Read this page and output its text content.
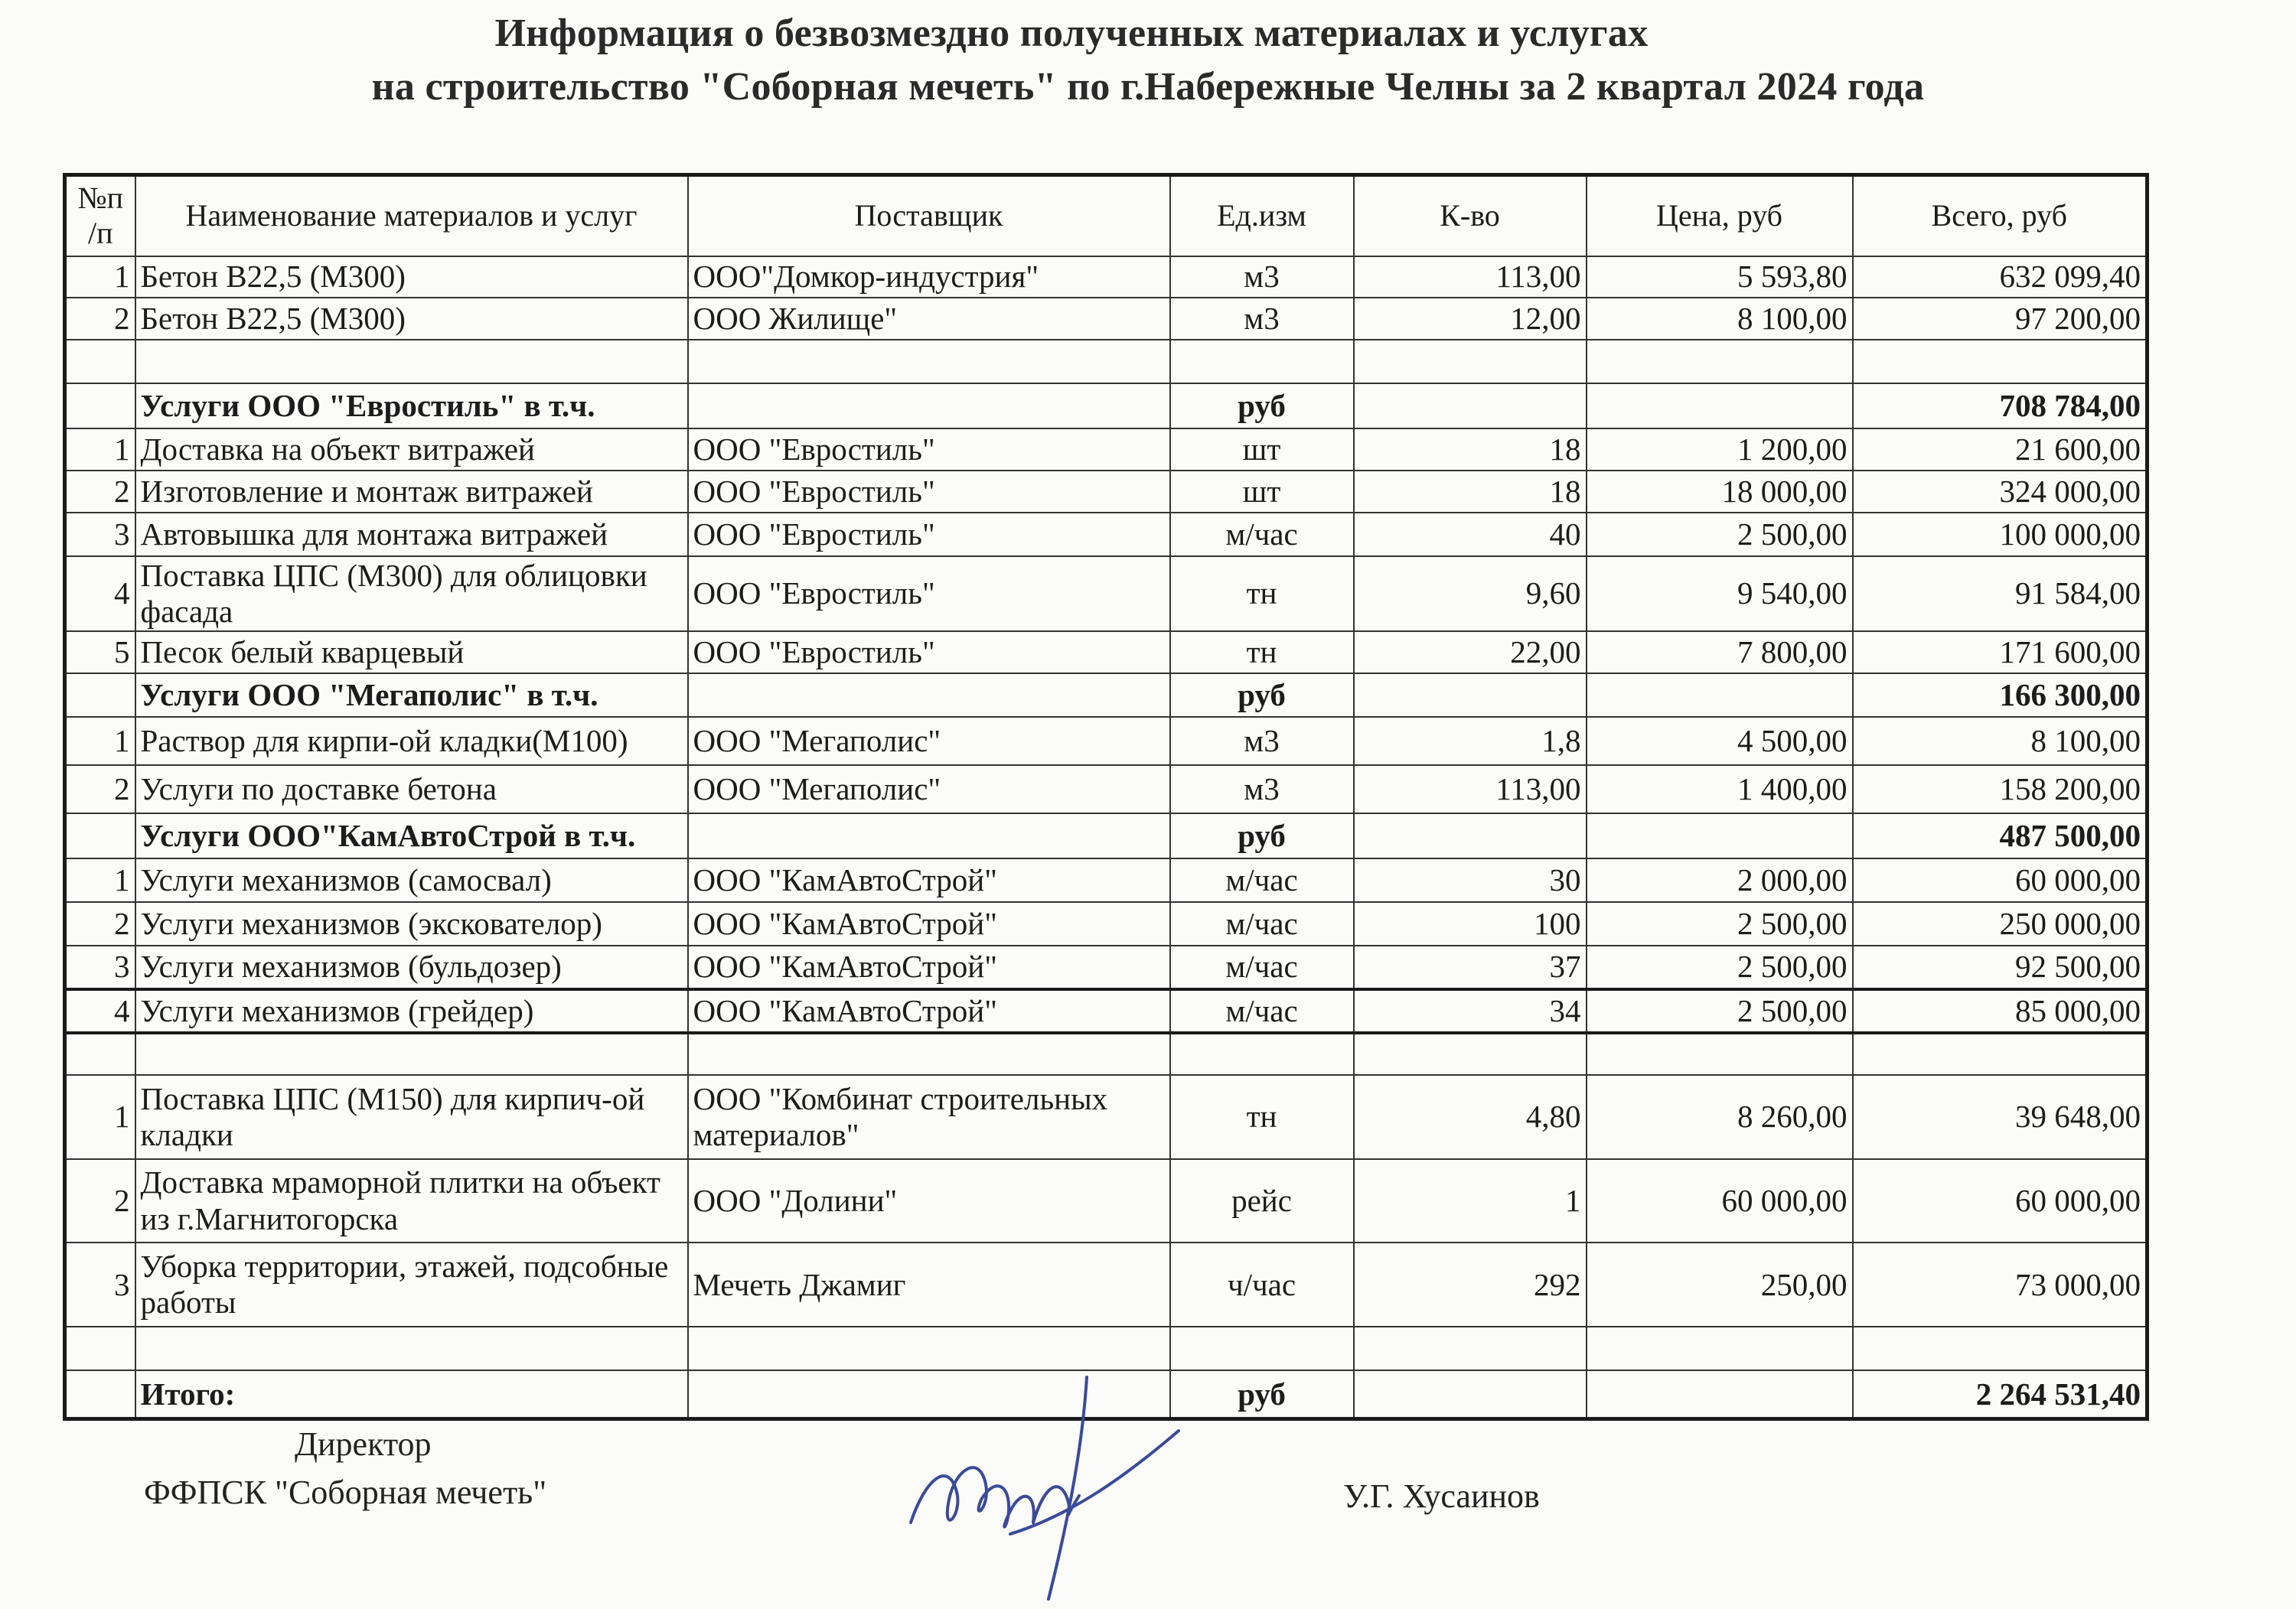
Информация о безвозмездно полученных материалах и услугах
на строительство "Соборная мечеть" по г.Набережные Челны за 2 квартал 2024 года
№п /п	Наименование материалов и услуг	Поставщик	Ед.изм	К-во	Цена, руб	Всего, руб
1	Бетон В22,5 (М300)	ООО"Домкор-индустрия"	м3	113,00	5 593,80	632 099,40
2	Бетон В22,5 (М300)	ООО Жилище"	м3	12,00	8 100,00	97 200,00

	Услуги ООО "Евростиль" в т.ч.		руб			708 784,00
1	Доставка на объект витражей	ООО "Евростиль"	шт	18	1 200,00	21 600,00
2	Изготовление и монтаж витражей	ООО "Евростиль"	шт	18	18 000,00	324 000,00
3	Автовышка для монтажа витражей	ООО "Евростиль"	м/час	40	2 500,00	100 000,00
4	Поставка ЦПС (М300) для облицовки фасада	ООО "Евростиль"	тн	9,60	9 540,00	91 584,00
5	Песок белый кварцевый	ООО "Евростиль"	тн	22,00	7 800,00	171 600,00
	Услуги ООО "Мегаполис" в т.ч.		руб			166 300,00
1	Раствор для кирпи-ой кладки(М100)	ООО "Мегаполис"	м3	1,8	4 500,00	8 100,00
2	Услуги по доставке бетона	ООО "Мегаполис"	м3	113,00	1 400,00	158 200,00
	Услуги ООО"КамАвтоСтрой в т.ч.		руб			487 500,00
1	Услуги механизмов (самосвал)	ООО "КамАвтоСтрой"	м/час	30	2 000,00	60 000,00
2	Услуги механизмов (экскователор)	ООО "КамАвтоСтрой"	м/час	100	2 500,00	250 000,00
3	Услуги механизмов (бульдозер)	ООО "КамАвтоСтрой"	м/час	37	2 500,00	92 500,00
4	Услуги механизмов (грейдер)	ООО "КамАвтоСтрой"	м/час	34	2 500,00	85 000,00

1	Поставка ЦПС (М150) для кирпич-ой кладки	ООО "Комбинат строительных материалов"	тн	4,80	8 260,00	39 648,00
2	Доставка мраморной плитки на объект из г.Магнитогорска	ООО "Долини"	рейс	1	60 000,00	60 000,00
3	Уборка территории, этажей, подсобные работы	Мечеть Джамиг	ч/час	292	250,00	73 000,00

	Итого:		руб			2 264 531,40
Директор
ФФПСК "Соборная мечеть"	У.Г. Хусаинов
